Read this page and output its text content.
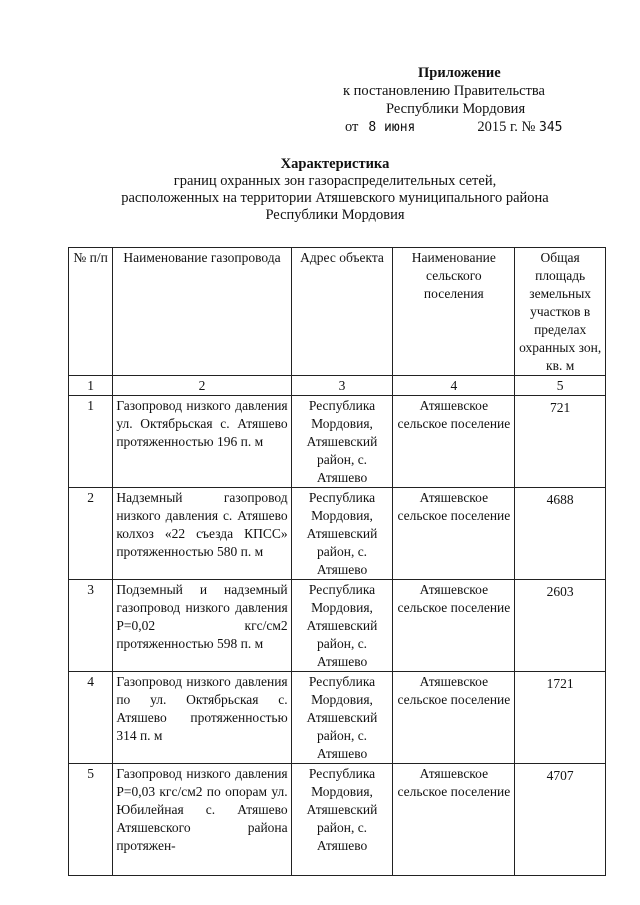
Приложение
к постановлению Правительства
Республики Мордовия
от 8 июня	2015 г. № 345
Характеристика
границ охранных зон газораспределительных сетей,
расположенных на территории Атяшевского муниципального района
Республики Мордовия
№ п/п	Наименование газопровода	Адрес объекта	Наименование сельского поселения	Общая площадь земельных участков в пределах охранных зон, кв. м
1	2	3	4	5
1	Газопровод низкого давления ул. Октябрьская с. Атяшево протяженностью 196 п. м	Республика Мордовия, Атяшевский район, с. Атяшево	Атяшевское сельское поселение	721
2	Надземный газопровод низкого давления с. Атяшево колхоз «22 съезда КПСС» протяженностью 580 п. м	Республика Мордовия, Атяшевский район, с. Атяшево	Атяшевское сельское поселение	4688
3	Подземный и надземный газопровод низкого давления Р=0,02 кгс/см2 протяженностью 598 п. м	Республика Мордовия, Атяшевский район, с. Атяшево	Атяшевское сельское поселение	2603
4	Газопровод низкого давления по ул. Октябрьская с. Атяшево протяженностью 314 п. м	Республика Мордовия, Атяшевский район, с. Атяшево	Атяшевское сельское поселение	1721
5	Газопровод низкого давления Р=0,03 кгс/см2 по опорам ул. Юбилейная с. Атяшево Атяшевского района протяжен-	Республика Мордовия, Атяшевский район, с. Атяшево	Атяшевское сельское поселение	4707
